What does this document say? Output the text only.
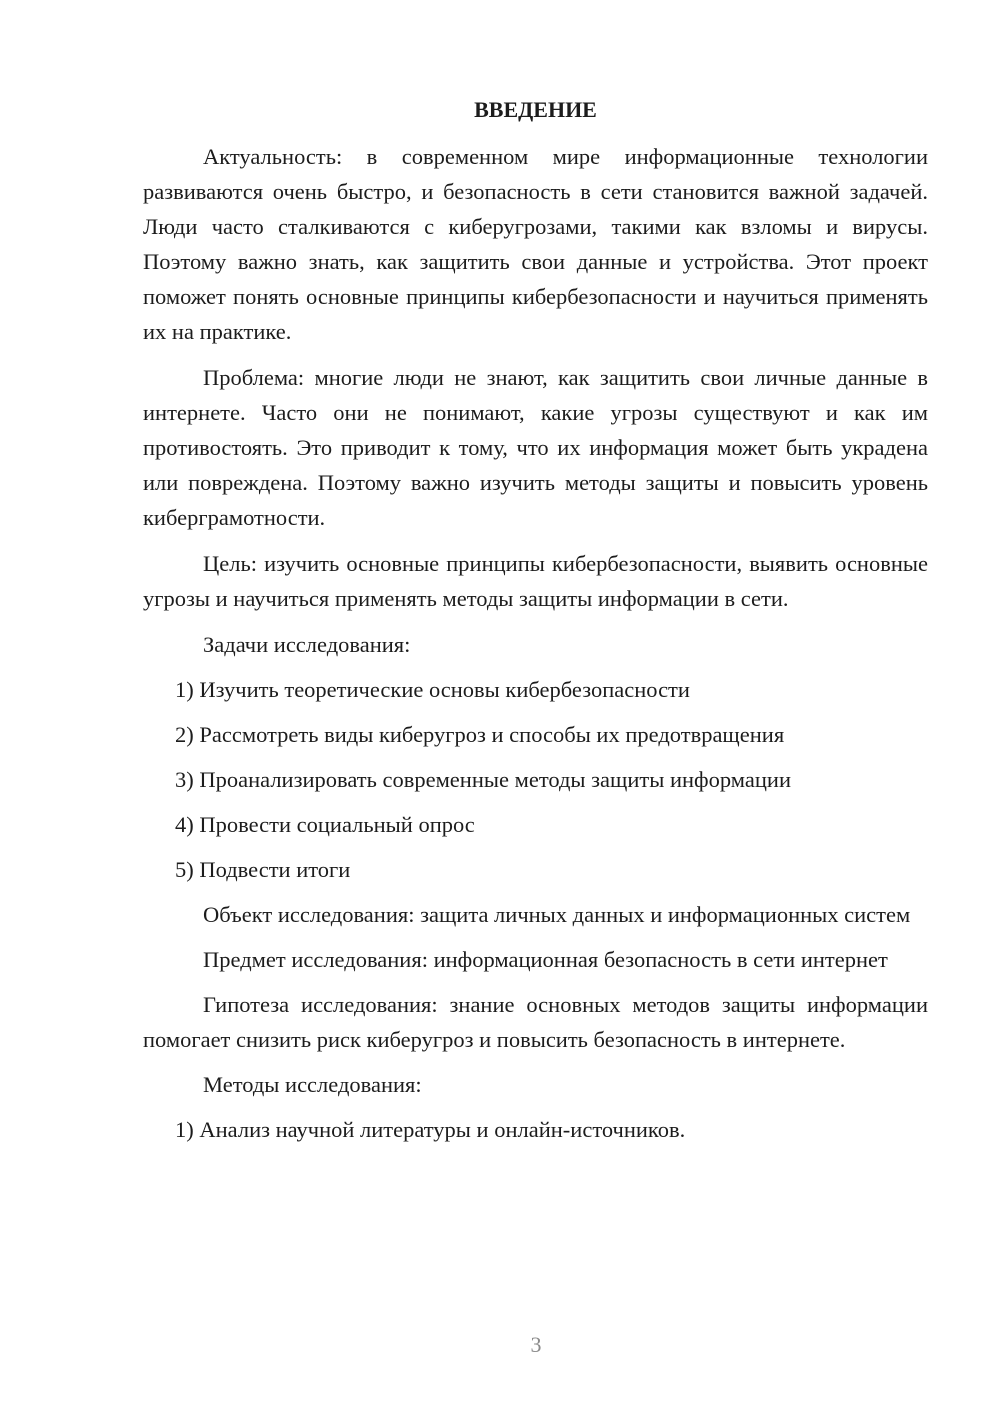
ВВЕДЕНИЕ
Актуальность: в современном мире информационные технологии развиваются очень быстро, и безопасность в сети становится важной задачей. Люди часто сталкиваются с киберугрозами, такими как взломы и вирусы. Поэтому важно знать, как защитить свои данные и устройства. Этот проект поможет понять основные принципы кибербезопасности и научиться применять их на практике.
Проблема: многие люди не знают, как защитить свои личные данные в интернете. Часто они не понимают, какие угрозы существуют и как им противостоять. Это приводит к тому, что их информация может быть украдена или повреждена. Поэтому важно изучить методы защиты и повысить уровень киберграмотности.
Цель: изучить основные принципы кибербезопасности, выявить основные угрозы и научиться применять методы защиты информации в сети.
Задачи исследования:
1) Изучить теоретические основы кибербезопасности
2) Рассмотреть виды киберугроз и способы их предотвращения
3) Проанализировать современные методы защиты информации
4) Провести социальный опрос
5) Подвести итоги
Объект исследования: защита личных данных и информационных систем
Предмет исследования: информационная безопасность в сети интернет
Гипотеза исследования: знание основных методов защиты информации помогает снизить риск киберугроз и повысить безопасность в интернете.
Методы исследования:
1) Анализ научной литературы и онлайн-источников.
3
